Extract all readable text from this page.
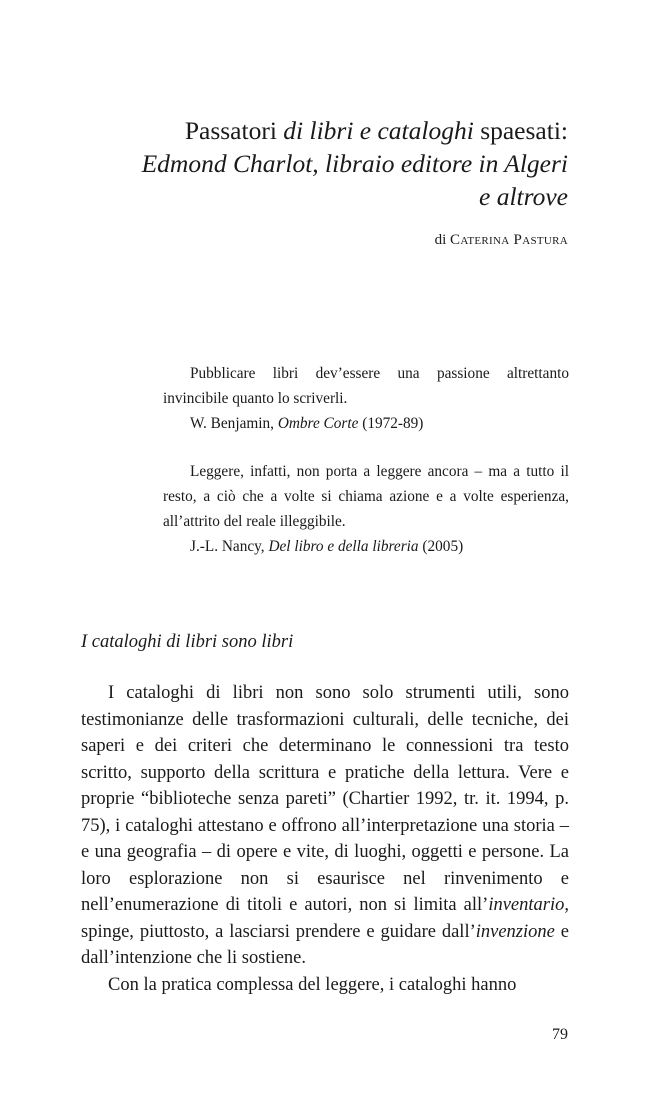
Passatori di libri e cataloghi spaesati:
Edmond Charlot, libraio editore in Algeri
e altrove
di Caterina Pastura

Pubblicare libri dev’essere una passione altrettanto invincibile quanto lo scriverli.

W. Benjamin, Ombre Corte (1972-89)

Leggere, infatti, non porta a leggere ancora – ma a tutto il resto, a ciò che a volte si chiama azione e a volte esperienza, all’attrito del reale illeggibile.

J.-L. Nancy, Del libro e della libreria (2005)
I cataloghi di libri sono libri

I cataloghi di libri non sono solo strumenti utili, sono testimonianze delle trasformazioni culturali, delle tecniche, dei saperi e dei criteri che determinano le connessioni tra testo scritto, supporto della scrittura e pratiche della lettura. Vere e proprie “biblioteche senza pareti” (Chartier 1992, tr. it. 1994, p. 75), i cataloghi attestano e offrono all’interpretazione una storia – e una geografia – di opere e vite, di luoghi, oggetti e persone. La loro esplorazione non si esaurisce nel rinvenimento e nell’enumerazione di titoli e autori, non si limita all’inventario, spinge, piuttosto, a lasciarsi prendere e guidare dall’invenzione e dall’intenzione che li sostiene.

Con la pratica complessa del leggere, i cataloghi hanno

79
